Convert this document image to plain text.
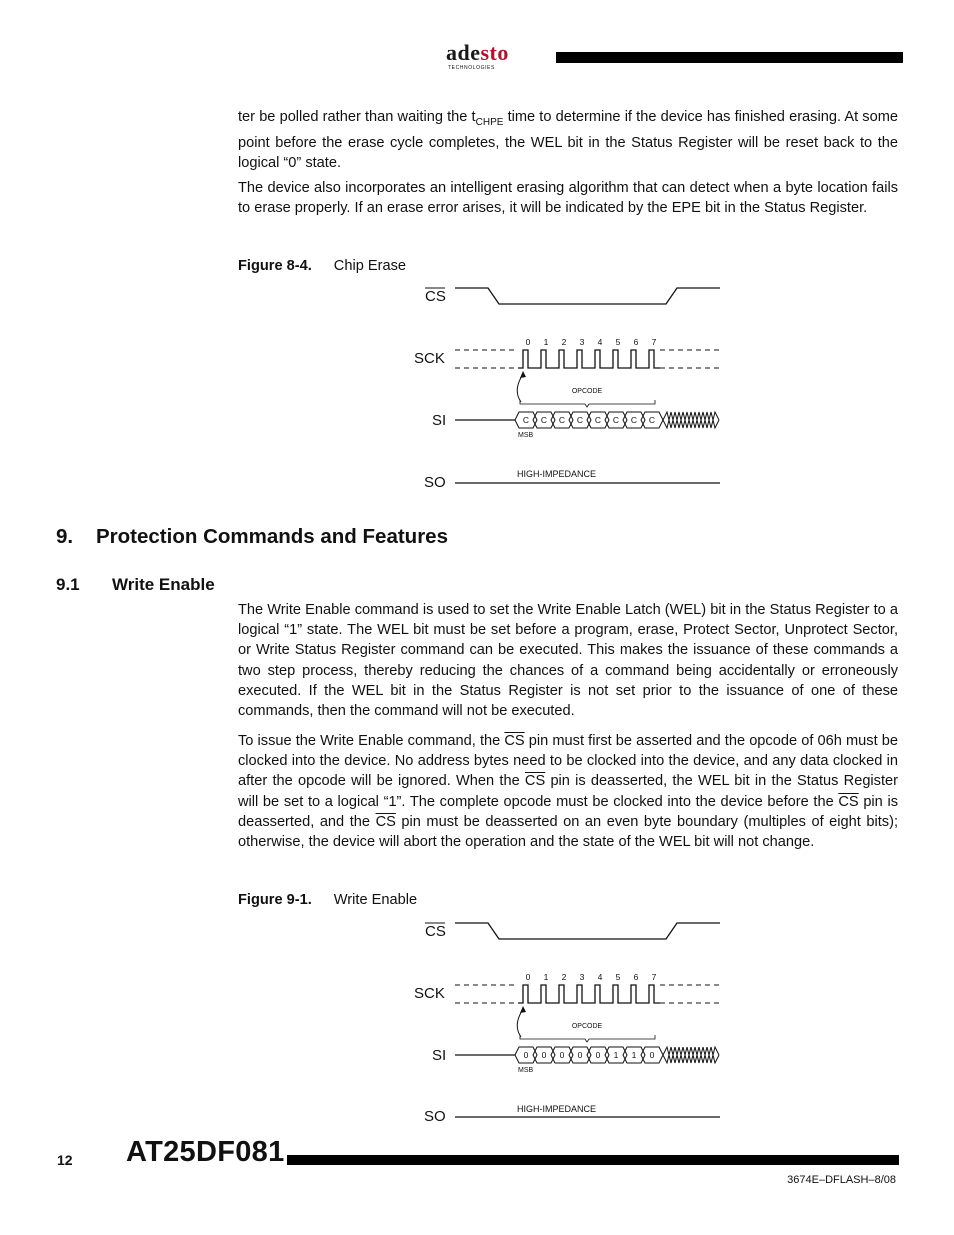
adesto
TECHNOLOGIES

ter be polled rather than waiting the $t_{CHPE}$ time to determine if the device has finished erasing. At some point before the erase cycle completes, the WEL bit in the Status Register will be reset back to the logical “0” state.

The device also incorporates an intelligent erasing algorithm that can detect when a byte location fails to erase properly. If an erase error arises, it will be indicated by the EPE bit in the Status Register.

Figure 8-4. Chip Erase
CS
0 1 2 3 4 5 6 7
SCK
OPCODE
SI	C C C C C C C C
MSB
SO	HIGH-IMPEDANCE
9. Protection Commands and Features
9.1 Write Enable

The Write Enable command is used to set the Write Enable Latch (WEL) bit in the Status Register to a logical “1” state. The WEL bit must be set before a program, erase, Protect Sector, Unprotect Sector, or Write Status Register command can be executed. This makes the issuance of these commands a two step process, thereby reducing the chances of a command being accidentally or erroneously executed. If the WEL bit in the Status Register is not set prior to the issuance of one of these commands, then the command will not be executed.

To issue the Write Enable command, the $\overline{CS}$ pin must first be asserted and the opcode of 06h must be clocked into the device. No address bytes need to be clocked into the device, and any data clocked in after the opcode will be ignored. When the $\overline{CS}$ pin is deasserted, the WEL bit in the Status Register will be set to a logical “1”. The complete opcode must be clocked into the device before the $\overline{CS}$ pin is deasserted, and the $\overline{CS}$ pin must be deasserted on an even byte boundary (multiples of eight bits); otherwise, the device will abort the operation and the state of the WEL bit will not change.

Figure 9-1. Write Enable
CS
0 1 2 3 4 5 6 7
SCK
OPCODE
SI	0 0 0 0 0 1 1 0
MSB
SO	HIGH-IMPEDANCE
12 AT25DF081
3674E–DFLASH–8/08
